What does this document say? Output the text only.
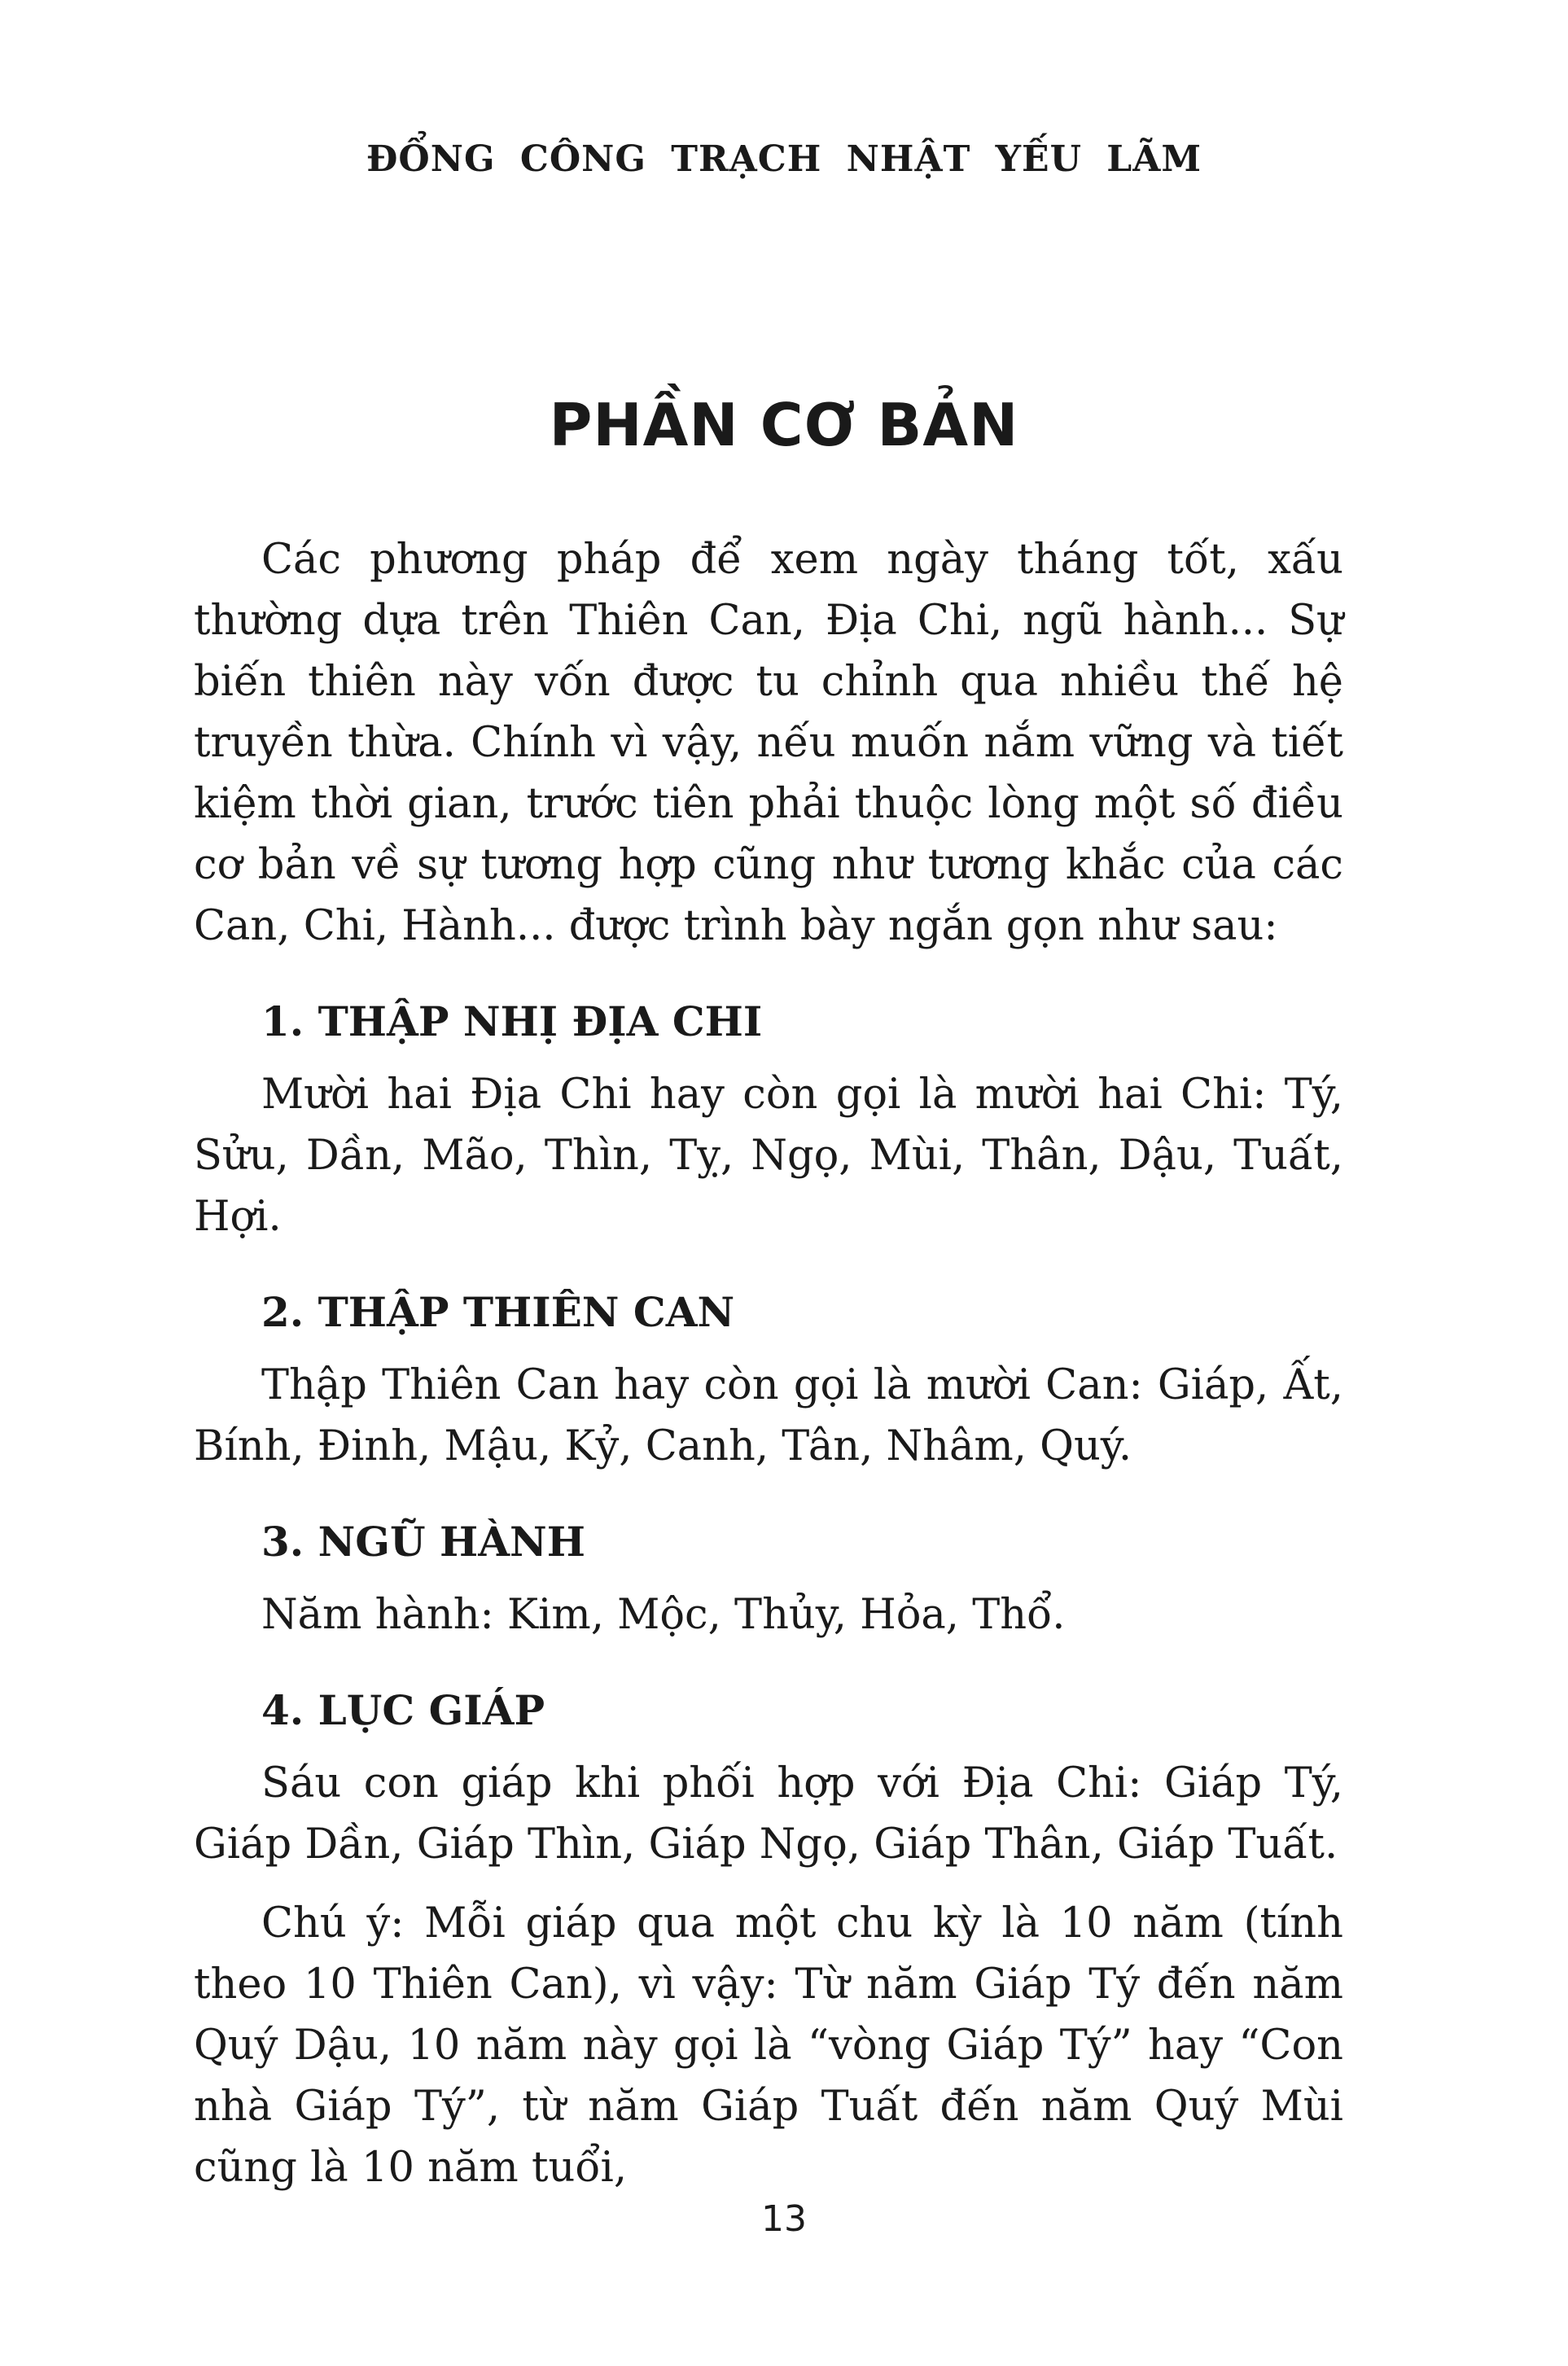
ĐỔNG CÔNG TRẠCH NHẬT YẾU LÃM
PHẦN CƠ BẢN

Các phương pháp để xem ngày tháng tốt, xấu thường dựa trên Thiên Can, Địa Chi, ngũ hành... Sự biến thiên này vốn được tu chỉnh qua nhiều thế hệ truyền thừa. Chính vì vậy, nếu muốn nắm vững và tiết kiệm thời gian, trước tiên phải thuộc lòng một số điều cơ bản về sự tương hợp cũng như tương khắc của các Can, Chi, Hành... được trình bày ngắn gọn như sau:

1. THẬP NHỊ ĐỊA CHI

Mười hai Địa Chi hay còn gọi là mười hai Chi: Tý, Sửu, Dần, Mão, Thìn, Tỵ, Ngọ, Mùi, Thân, Dậu, Tuất, Hợi.

2. THẬP THIÊN CAN

Thập Thiên Can hay còn gọi là mười Can: Giáp, Ất, Bính, Đinh, Mậu, Kỷ, Canh, Tân, Nhâm, Quý.

3. NGŨ HÀNH

Năm hành: Kim, Mộc, Thủy, Hỏa, Thổ.

4. LỤC GIÁP

Sáu con giáp khi phối hợp với Địa Chi: Giáp Tý, Giáp Dần, Giáp Thìn, Giáp Ngọ, Giáp Thân, Giáp Tuất.

Chú ý: Mỗi giáp qua một chu kỳ là 10 năm (tính theo 10 Thiên Can), vì vậy: Từ năm Giáp Tý đến năm Quý Dậu, 10 năm này gọi là “vòng Giáp Tý” hay “Con nhà Giáp Tý”, từ năm Giáp Tuất đến năm Quý Mùi cũng là 10 năm tuổi,

13
